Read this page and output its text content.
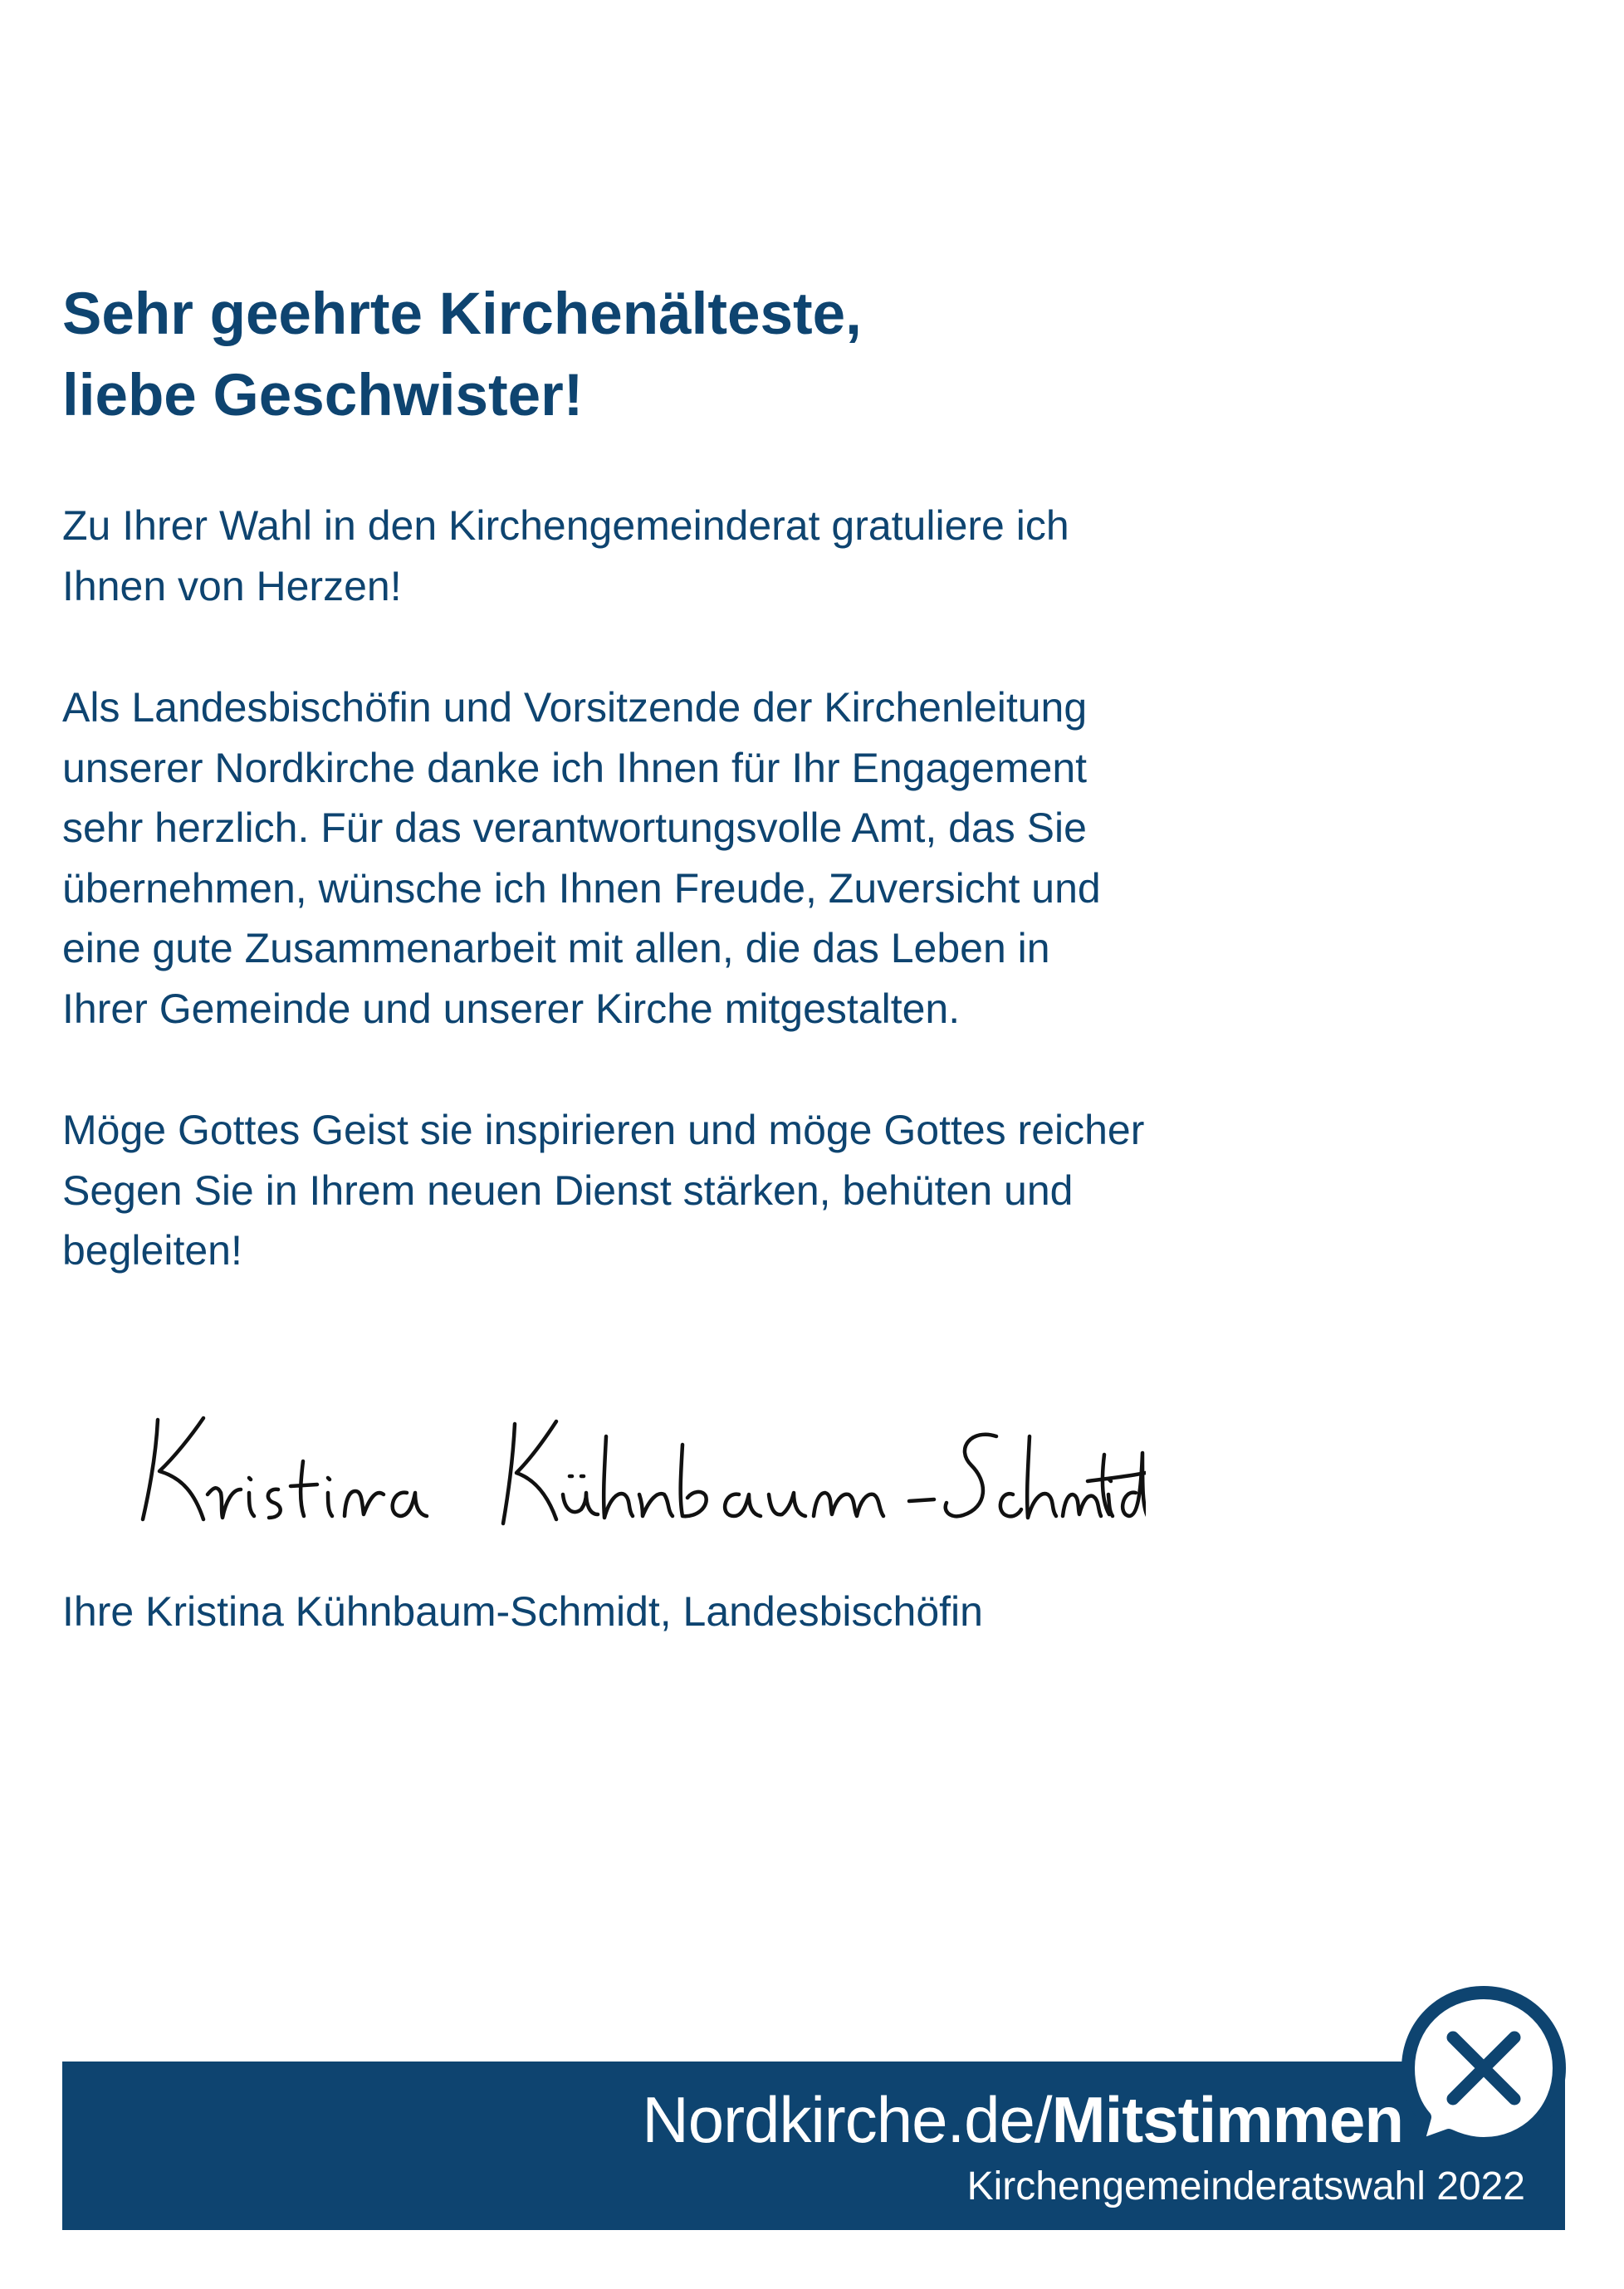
Sehr geehrte Kirchenälteste,
liebe Geschwister!

Zu Ihrer Wahl in den Kirchengemeinderat gratuliere ich
Ihnen von Herzen!

Als Landesbischöfin und Vorsitzende der Kirchenleitung
unserer Nordkirche danke ich Ihnen für Ihr Engagement
sehr herzlich. Für das verantwortungsvolle Amt, das Sie
übernehmen, wünsche ich Ihnen Freude, Zuversicht und
eine gute Zusammenarbeit mit allen, die das Leben in
Ihrer Gemeinde und unserer Kirche mitgestalten.

Möge Gottes Geist sie inspirieren und möge Gottes reicher
Segen Sie in Ihrem neuen Dienst stärken, behüten und
begleiten!

Ihre Kristina Kühnbaum-Schmidt, Landesbischöfin

Nordkirche.de/Mitstimmen
Kirchengemeinderatswahl 2022
